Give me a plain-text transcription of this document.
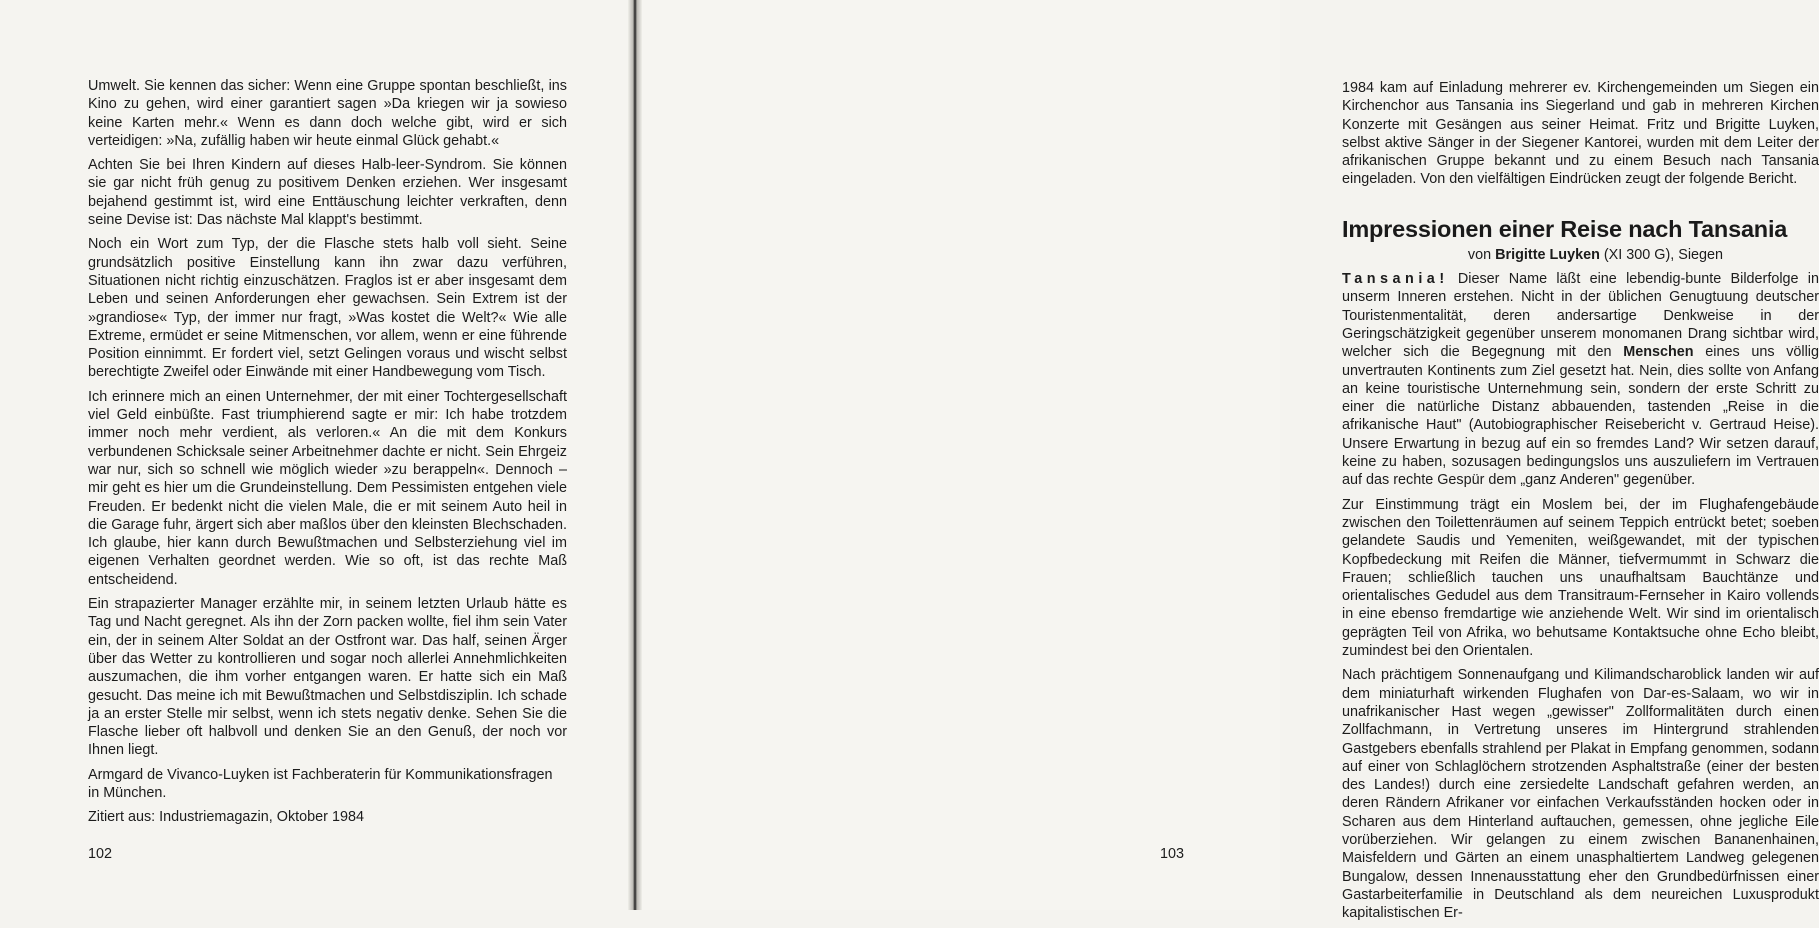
Umwelt. Sie kennen das sicher: Wenn eine Gruppe spontan beschließt, ins Kino zu gehen, wird einer garantiert sagen »Da kriegen wir ja sowieso keine Karten mehr.« Wenn es dann doch welche gibt, wird er sich verteidigen: »Na, zufällig haben wir heute einmal Glück gehabt.«

Achten Sie bei Ihren Kindern auf dieses Halb-leer-Syndrom. Sie können sie gar nicht früh genug zu positivem Denken erziehen. Wer insgesamt bejahend gestimmt ist, wird eine Enttäuschung leichter verkraften, denn seine Devise ist: Das nächste Mal klappt's bestimmt.

Noch ein Wort zum Typ, der die Flasche stets halb voll sieht. Seine grundsätzlich positive Einstellung kann ihn zwar dazu verführen, Situationen nicht richtig einzuschätzen. Fraglos ist er aber insgesamt dem Leben und seinen Anforderungen eher gewachsen. Sein Extrem ist der »grandiose« Typ, der immer nur fragt, »Was kostet die Welt?« Wie alle Extreme, ermüdet er seine Mitmenschen, vor allem, wenn er eine führende Position einnimmt. Er fordert viel, setzt Gelingen voraus und wischt selbst berechtigte Zweifel oder Einwände mit einer Handbewegung vom Tisch.

Ich erinnere mich an einen Unternehmer, der mit einer Tochtergesellschaft viel Geld einbüßte. Fast triumphierend sagte er mir: Ich habe trotzdem immer noch mehr verdient, als verloren.« An die mit dem Konkurs verbundenen Schicksale seiner Arbeitnehmer dachte er nicht. Sein Ehrgeiz war nur, sich so schnell wie möglich wieder »zu berappeln«. Dennoch – mir geht es hier um die Grundeinstellung. Dem Pessimisten entgehen viele Freuden. Er bedenkt nicht die vielen Male, die er mit seinem Auto heil in die Garage fuhr, ärgert sich aber maßlos über den kleinsten Blechschaden. Ich glaube, hier kann durch Bewußtmachen und Selbsterziehung viel im eigenen Verhalten geordnet werden. Wie so oft, ist das rechte Maß entscheidend.

Ein strapazierter Manager erzählte mir, in seinem letzten Urlaub hätte es Tag und Nacht geregnet. Als ihn der Zorn packen wollte, fiel ihm sein Vater ein, der in seinem Alter Soldat an der Ostfront war. Das half, seinen Ärger über das Wetter zu kontrollieren und sogar noch allerlei Annehmlichkeiten auszumachen, die ihm vorher entgangen waren. Er hatte sich ein Maß gesucht. Das meine ich mit Bewußtmachen und Selbstdisziplin. Ich schade ja an erster Stelle mir selbst, wenn ich stets negativ denke. Sehen Sie die Flasche lieber oft halbvoll und denken Sie an den Genuß, der noch vor Ihnen liegt.

Armgard de Vivanco-Luyken ist Fachberaterin für Kommunikationsfragen in München.

Zitiert aus: Industriemagazin, Oktober 1984

102

1984 kam auf Einladung mehrerer ev. Kirchengemeinden um Siegen ein Kirchenchor aus Tansania ins Siegerland und gab in mehreren Kirchen Konzerte mit Gesängen aus seiner Heimat. Fritz und Brigitte Luyken, selbst aktive Sänger in der Siegener Kantorei, wurden mit dem Leiter der afrikanischen Gruppe bekannt und zu einem Besuch nach Tansania eingeladen. Von den vielfältigen Eindrücken zeugt der folgende Bericht.

Impressionen einer Reise nach Tansania

von Brigitte Luyken (XI 300 G), Siegen

Tansania! Dieser Name läßt eine lebendig-bunte Bilderfolge in unserm Inneren erstehen. Nicht in der üblichen Genugtuung deutscher Touristenmentalität, deren andersartige Denkweise in der Geringschätzigkeit gegenüber unserem monomanen Drang sichtbar wird, welcher sich die Begegnung mit den Menschen eines uns völlig unvertrauten Kontinents zum Ziel gesetzt hat. Nein, dies sollte von Anfang an keine touristische Unternehmung sein, sondern der erste Schritt zu einer die natürliche Distanz abbauenden, tastenden „Reise in die afrikanische Haut" (Autobiographischer Reisebericht v. Gertraud Heise). Unsere Erwartung in bezug auf ein so fremdes Land? Wir setzen darauf, keine zu haben, sozusagen bedingungslos uns auszuliefern im Vertrauen auf das rechte Gespür dem „ganz Anderen" gegenüber.

Zur Einstimmung trägt ein Moslem bei, der im Flughafengebäude zwischen den Toilettenräumen auf seinem Teppich entrückt betet; soeben gelandete Saudis und Yemeniten, weißgewandet, mit der typischen Kopfbedeckung mit Reifen die Männer, tiefvermummt in Schwarz die Frauen; schließlich tauchen uns unaufhaltsam Bauchtänze und orientalisches Gedudel aus dem Transitraum-Fernseher in Kairo vollends in eine ebenso fremdartige wie anziehende Welt. Wir sind im orientalisch geprägten Teil von Afrika, wo behutsame Kontaktsuche ohne Echo bleibt, zumindest bei den Orientalen.

Nach prächtigem Sonnenaufgang und Kilimandscharoblick landen wir auf dem miniaturhaft wirkenden Flughafen von Dar-es-Salaam, wo wir in unafrikanischer Hast wegen „gewisser" Zollformalitäten durch einen Zollfachmann, in Vertretung unseres im Hintergrund strahlenden Gastgebers ebenfalls strahlend per Plakat in Empfang genommen, sodann auf einer von Schlaglöchern strotzenden Asphaltstraße (einer der besten des Landes!) durch eine zersiedelte Landschaft gefahren werden, an deren Rändern Afrikaner vor einfachen Verkaufsständen hocken oder in Scharen aus dem Hinterland auftauchen, gemessen, ohne jegliche Eile vorüberziehen. Wir gelangen zu einem zwischen Bananenhainen, Maisfeldern und Gärten an einem unasphaltiertem Landweg gelegenen Bungalow, dessen Innenausstattung eher den Grundbedürfnissen einer Gastarbeiterfamilie in Deutschland als dem neureichen Luxusprodukt kapitalistischen Er-

103
